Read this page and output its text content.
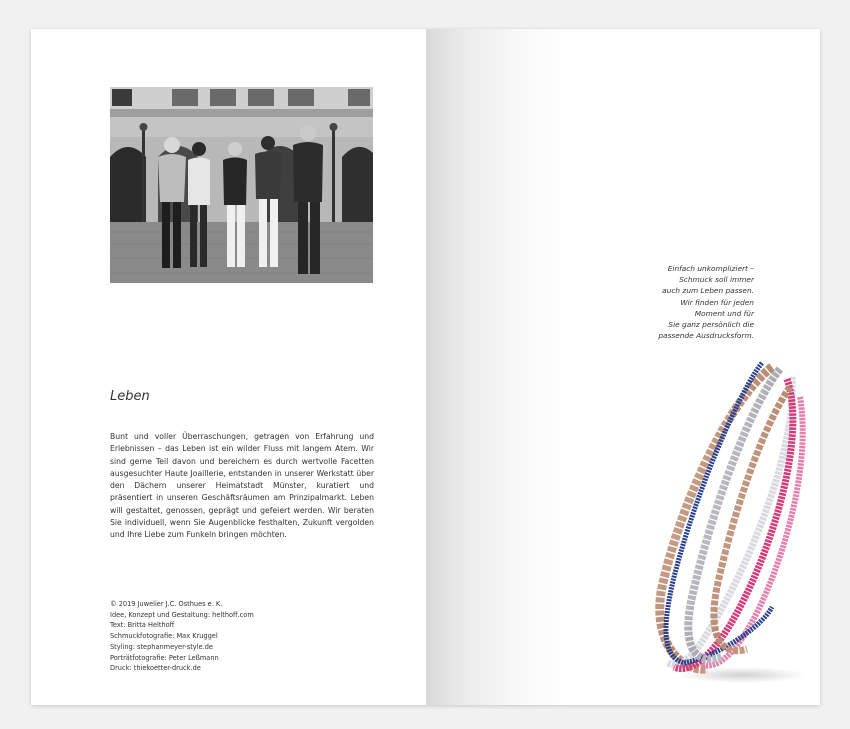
Leben

Bunt und voller Überraschungen, getragen von Erfahrung und Erlebnissen – das Leben ist ein wilder Fluss mit langem Atem. Wir sind gerne Teil davon und bereichern es durch wertvolle Facetten ausgesuchter Haute Joaillerie, entstanden in unserer Werkstatt über den Dächern unserer Heimatstadt Münster, kuratiert und präsentiert in unseren Geschäftsräumen am Prinzipalmarkt. Leben will gestaltet, genossen, geprägt und gefeiert werden. Wir beraten Sie individuell, wenn Sie Augenblicke festhalten, Zukunft vergolden und Ihre Liebe zum Funkeln bringen möchten.

© 2019 Juwelier J.C. Osthues e. K.
Idee, Konzept und Gestaltung: helthoff.com
Text: Britta Helthoff
Schmuckfotografie: Max Kruggel
Styling: stephanmeyer-style.de
Porträtfotografie: Peter Leßmann
Druck: thiekoetter-druck.de
Einfach unkompliziert –
Schmuck soll immer
auch zum Leben passen.
Wir finden für jeden
Moment und für
Sie ganz persönlich die
passende Ausdrucksform.
